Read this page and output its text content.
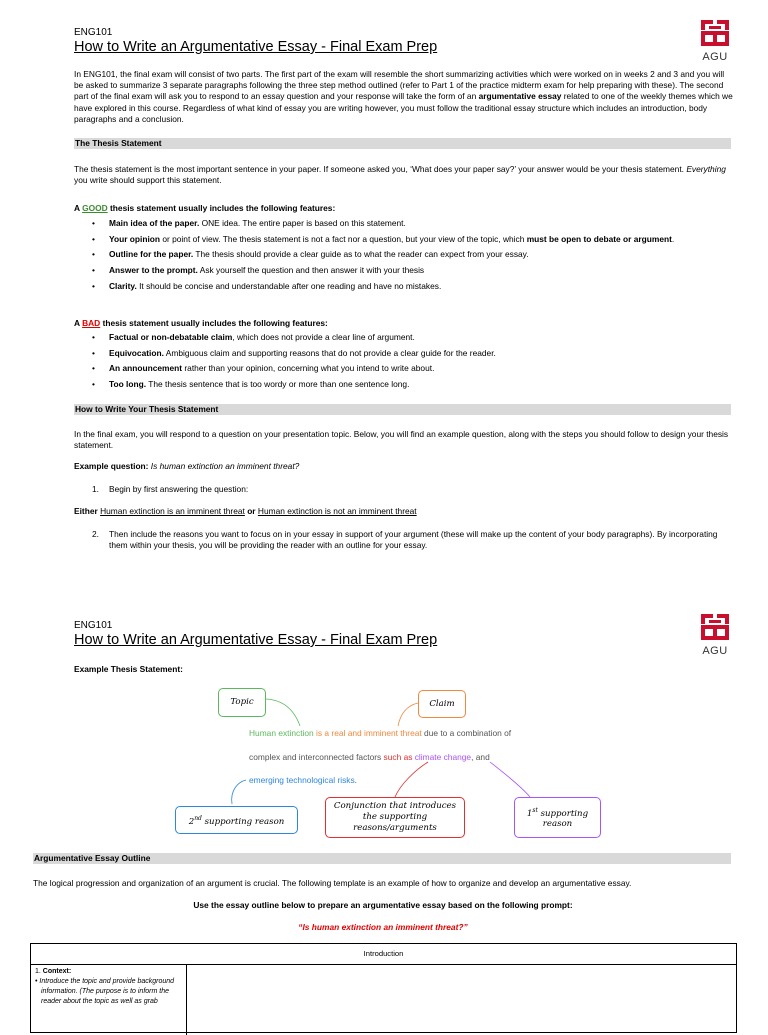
ENG101
How to Write an Argumentative Essay - Final Exam Prep
AGU
In ENG101, the final exam will consist of two parts. The first part of the exam will resemble the short summarizing activities which were worked on in weeks 2 and 3 and you will be asked to summarize 3 separate paragraphs following the three step method outlined (refer to Part 1 of the practice midterm exam for help preparing with these). The second part of the final exam will ask you to respond to an essay question and your response will take the form of an argumentative essay related to one of the weekly themes which we have explored in this course. Regardless of what kind of essay you are writing however, you must follow the traditional essay structure which includes an introduction, body paragraphs and a conclusion.
The Thesis Statement
The thesis statement is the most important sentence in your paper. If someone asked you, ‘What does your paper say?’ your answer would be your thesis statement. Everything you write should support this statement.
A GOOD thesis statement usually includes the following features:
• Main idea of the paper. ONE idea. The entire paper is based on this statement.
• Your opinion or point of view. The thesis statement is not a fact nor a question, but your view of the topic, which must be open to debate or argument.
• Outline for the paper. The thesis should provide a clear guide as to what the reader can expect from your essay.
• Answer to the prompt. Ask yourself the question and then answer it with your thesis
• Clarity. It should be concise and understandable after one reading and have no mistakes.
A BAD thesis statement usually includes the following features:
• Factual or non-debatable claim, which does not provide a clear line of argument.
• Equivocation. Ambiguous claim and supporting reasons that do not provide a clear guide for the reader.
• An announcement rather than your opinion, concerning what you intend to write about.
• Too long. The thesis sentence that is too wordy or more than one sentence long.
How to Write Your Thesis Statement
In the final exam, you will respond to a question on your presentation topic. Below, you will find an example question, along with the steps you should follow to design your thesis statement.
Example question: Is human extinction an imminent threat?
1. Begin by first answering the question:
Either Human extinction is an imminent threat or Human extinction is not an imminent threat
2. Then include the reasons you want to focus on in your essay in support of your argument (these will make up the content of your body paragraphs). By incorporating them within your thesis, you will be providing the reader with an outline for your essay.
ENG101
How to Write an Argumentative Essay - Final Exam Prep
AGU
Example Thesis Statement:
Topic	Claim
Human extinction is a real and imminent threat due to a combination of
complex and interconnected factors such as climate change, and
emerging technological risks.
2nd supporting reason
Conjunction that introduces the supporting reasons/arguments
1st supporting reason
Argumentative Essay Outline
The logical progression and organization of an argument is crucial. The following template is an example of how to organize and develop an argumentative essay.
Use the essay outline below to prepare an argumentative essay based on the following prompt:
“Is human extinction an imminent threat?”
Introduction
1. Context:
• Introduce the topic and provide background information. (The purpose is to inform the reader about the topic as well as grab
